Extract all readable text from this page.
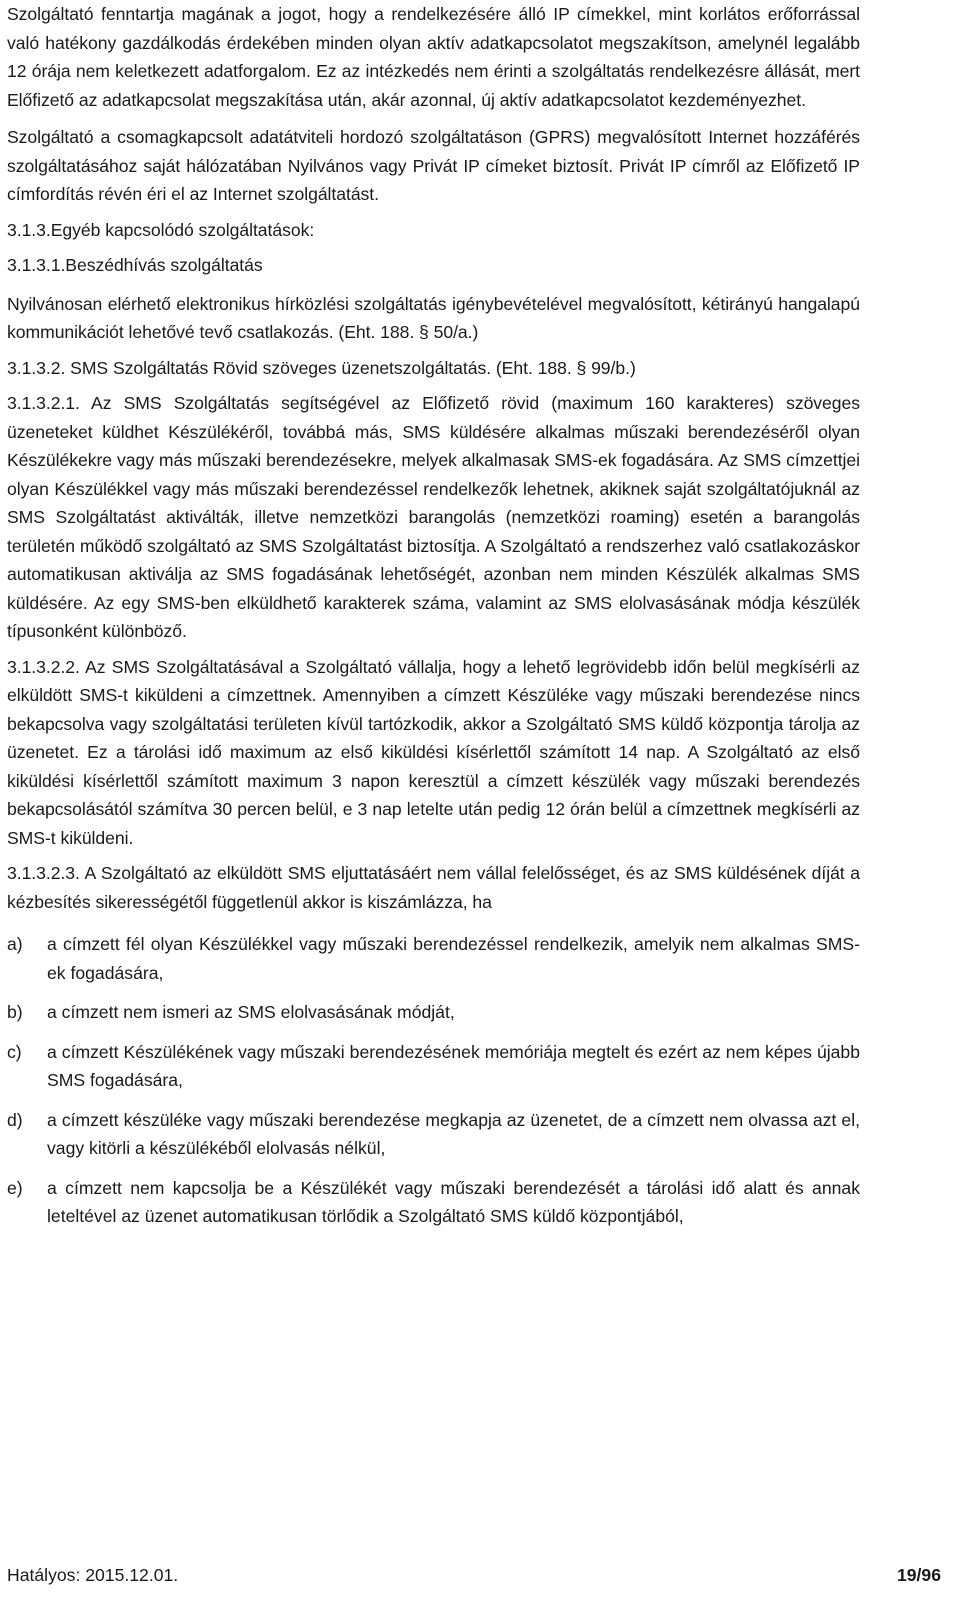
Szolgáltató fenntartja magának a jogot, hogy a rendelkezésére álló IP címekkel, mint korlátos erőforrással való hatékony gazdálkodás érdekében minden olyan aktív adatkapcsolatot megszakítson, amelynél legalább 12 órája nem keletkezett adatforgalom. Ez az intézkedés nem érinti a szolgáltatás rendelkezésre állását, mert Előfizető az adatkapcsolat megszakítása után, akár azonnal, új aktív adatkapcsolatot kezdeményezhet.

Szolgáltató a csomagkapcsolt adatátviteli hordozó szolgáltatáson (GPRS) megvalósított Internet hozzáférés szolgáltatásához saját hálózatában Nyilvános vagy Privát IP címeket biztosít. Privát IP címről az Előfizető IP címfordítás révén éri el az Internet szolgáltatást.

3.1.3.Egyéb kapcsolódó szolgáltatások:

3.1.3.1.Beszédhívás szolgáltatás

Nyilvánosan elérhető elektronikus hírközlési szolgáltatás igénybevételével megvalósított, kétirányú hangalapú kommunikációt lehetővé tevő csatlakozás. (Eht. 188. § 50/a.)

3.1.3.2. SMS Szolgáltatás Rövid szöveges üzenetszolgáltatás. (Eht. 188. § 99/b.)

3.1.3.2.1. Az SMS Szolgáltatás segítségével az Előfizető rövid (maximum 160 karakteres) szöveges üzeneteket küldhet Készülékéről, továbbá más, SMS küldésére alkalmas műszaki berendezéséről olyan Készülékekre vagy más műszaki berendezésekre, melyek alkalmasak SMS-ek fogadására. Az SMS címzettjei olyan Készülékkel vagy más műszaki berendezéssel rendelkezők lehetnek, akiknek saját szolgáltatójuknál az SMS Szolgáltatást aktiválták, illetve nemzetközi barangolás (nemzetközi roaming) esetén a barangolás területén működő szolgáltató az SMS Szolgáltatást biztosítja. A Szolgáltató a rendszerhez való csatlakozáskor automatikusan aktiválja az SMS fogadásának lehetőségét, azonban nem minden Készülék alkalmas SMS küldésére. Az egy SMS-ben elküldhető karakterek száma, valamint az SMS elolvasásának módja készülék típusonként különböző.

3.1.3.2.2. Az SMS Szolgáltatásával a Szolgáltató vállalja, hogy a lehető legrövidebb időn belül megkísérli az elküldött SMS-t kiküldeni a címzettnek. Amennyiben a címzett Készüléke vagy műszaki berendezése nincs bekapcsolva vagy szolgáltatási területen kívül tartózkodik, akkor a Szolgáltató SMS küldő központja tárolja az üzenetet. Ez a tárolási idő maximum az első kiküldési kísérlettől számított 14 nap. A Szolgáltató az első kiküldési kísérlettől számított maximum 3 napon keresztül a címzett készülék vagy műszaki berendezés bekapcsolásától számítva 30 percen belül, e 3 nap letelte után pedig 12 órán belül a címzettnek megkísérli az SMS-t kiküldeni.

3.1.3.2.3. A Szolgáltató az elküldött SMS eljuttatásáért nem vállal felelősséget, és az SMS küldésének díját a kézbesítés sikerességétől függetlenül akkor is kiszámlázza, ha

a)	a címzett fél olyan Készülékkel vagy műszaki berendezéssel rendelkezik, amelyik nem alkalmas SMS-ek fogadására,
b)	a címzett nem ismeri az SMS elolvasásának módját,
c)	a címzett Készülékének vagy műszaki berendezésének memóriája megtelt és ezért az nem képes újabb SMS fogadására,
d)	a címzett készüléke vagy műszaki berendezése megkapja az üzenetet, de a címzett nem olvassa azt el, vagy kitörli a készülékéből elolvasás nélkül,
e)	a címzett nem kapcsolja be a Készülékét vagy műszaki berendezését a tárolási idő alatt és annak leteltével az üzenet automatikusan törlődik a Szolgáltató SMS küldő központjából,
Hatályos: 2015.12.01.	19/96
